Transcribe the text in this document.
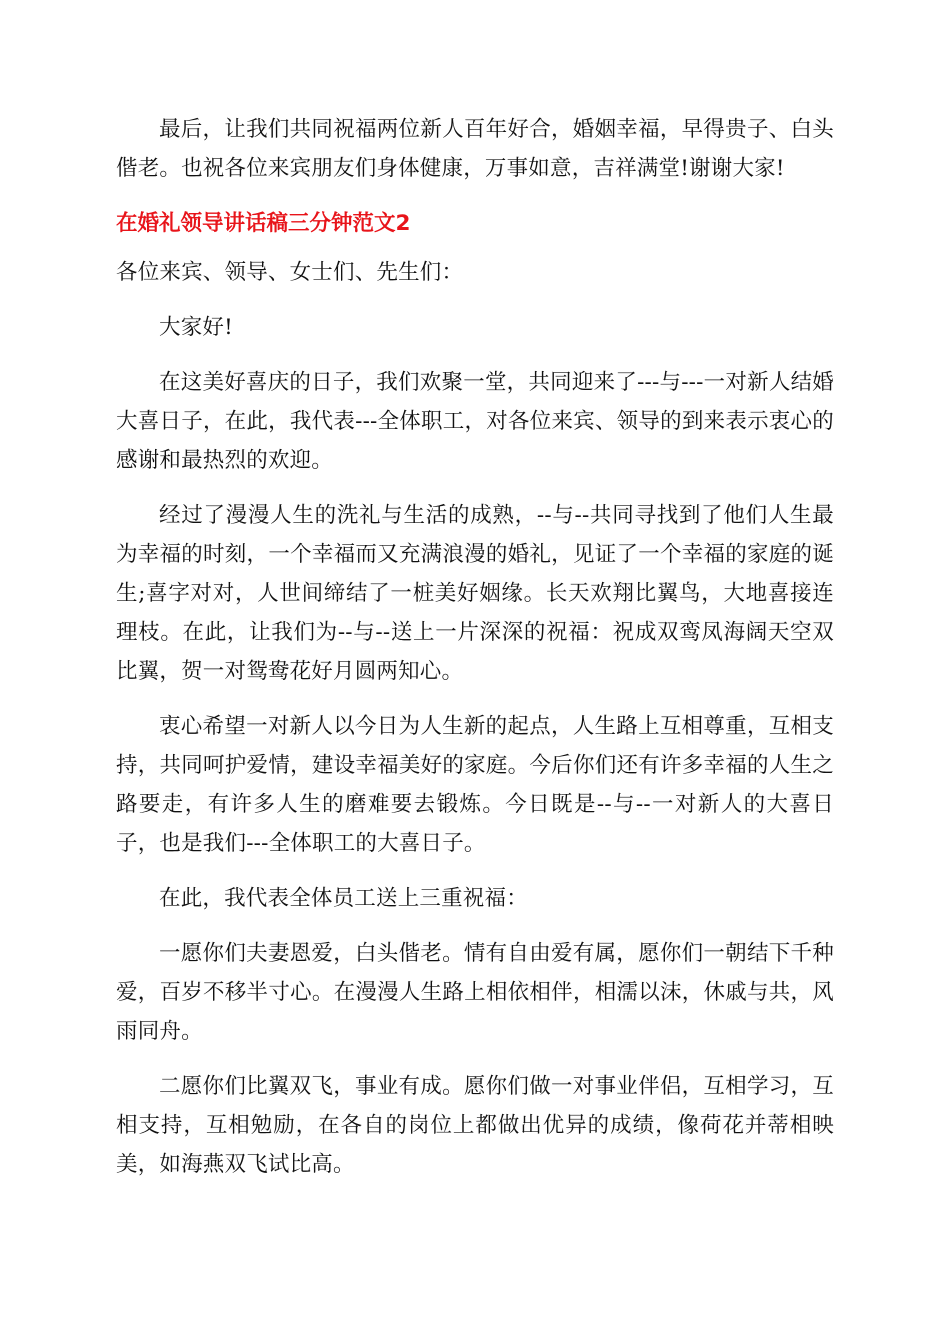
最后，让我们共同祝福两位新人百年好合，婚姻幸福，早得贵子、白头偕老。也祝各位来宾朋友们身体健康，万事如意，吉祥满堂!谢谢大家!

在婚礼领导讲话稿三分钟范文2

各位来宾、领导、女士们、先生们：

大家好!

在这美好喜庆的日子，我们欢聚一堂，共同迎来了---与---一对新人结婚大喜日子，在此，我代表---全体职工，对各位来宾、领导的到来表示衷心的感谢和最热烈的欢迎。

经过了漫漫人生的洗礼与生活的成熟，--与--共同寻找到了他们人生最为幸福的时刻，一个幸福而又充满浪漫的婚礼，见证了一个幸福的家庭的诞生;喜字对对，人世间缔结了一桩美好姻缘。长天欢翔比翼鸟，大地喜接连理枝。在此，让我们为--与--送上一片深深的祝福：祝成双鸾凤海阔天空双比翼，贺一对鸳鸯花好月圆两知心。

衷心希望一对新人以今日为人生新的起点，人生路上互相尊重，互相支持，共同呵护爱情，建设幸福美好的家庭。今后你们还有许多幸福的人生之路要走，有许多人生的磨难要去锻炼。今日既是--与--一对新人的大喜日子，也是我们---全体职工的大喜日子。

在此，我代表全体员工送上三重祝福：

一愿你们夫妻恩爱，白头偕老。情有自由爱有属，愿你们一朝结下千种爱，百岁不移半寸心。在漫漫人生路上相依相伴，相濡以沫，休戚与共，风雨同舟。

二愿你们比翼双飞，事业有成。愿你们做一对事业伴侣，互相学习，互相支持，互相勉励，在各自的岗位上都做出优异的成绩，像荷花并蒂相映美，如海燕双飞试比高。
